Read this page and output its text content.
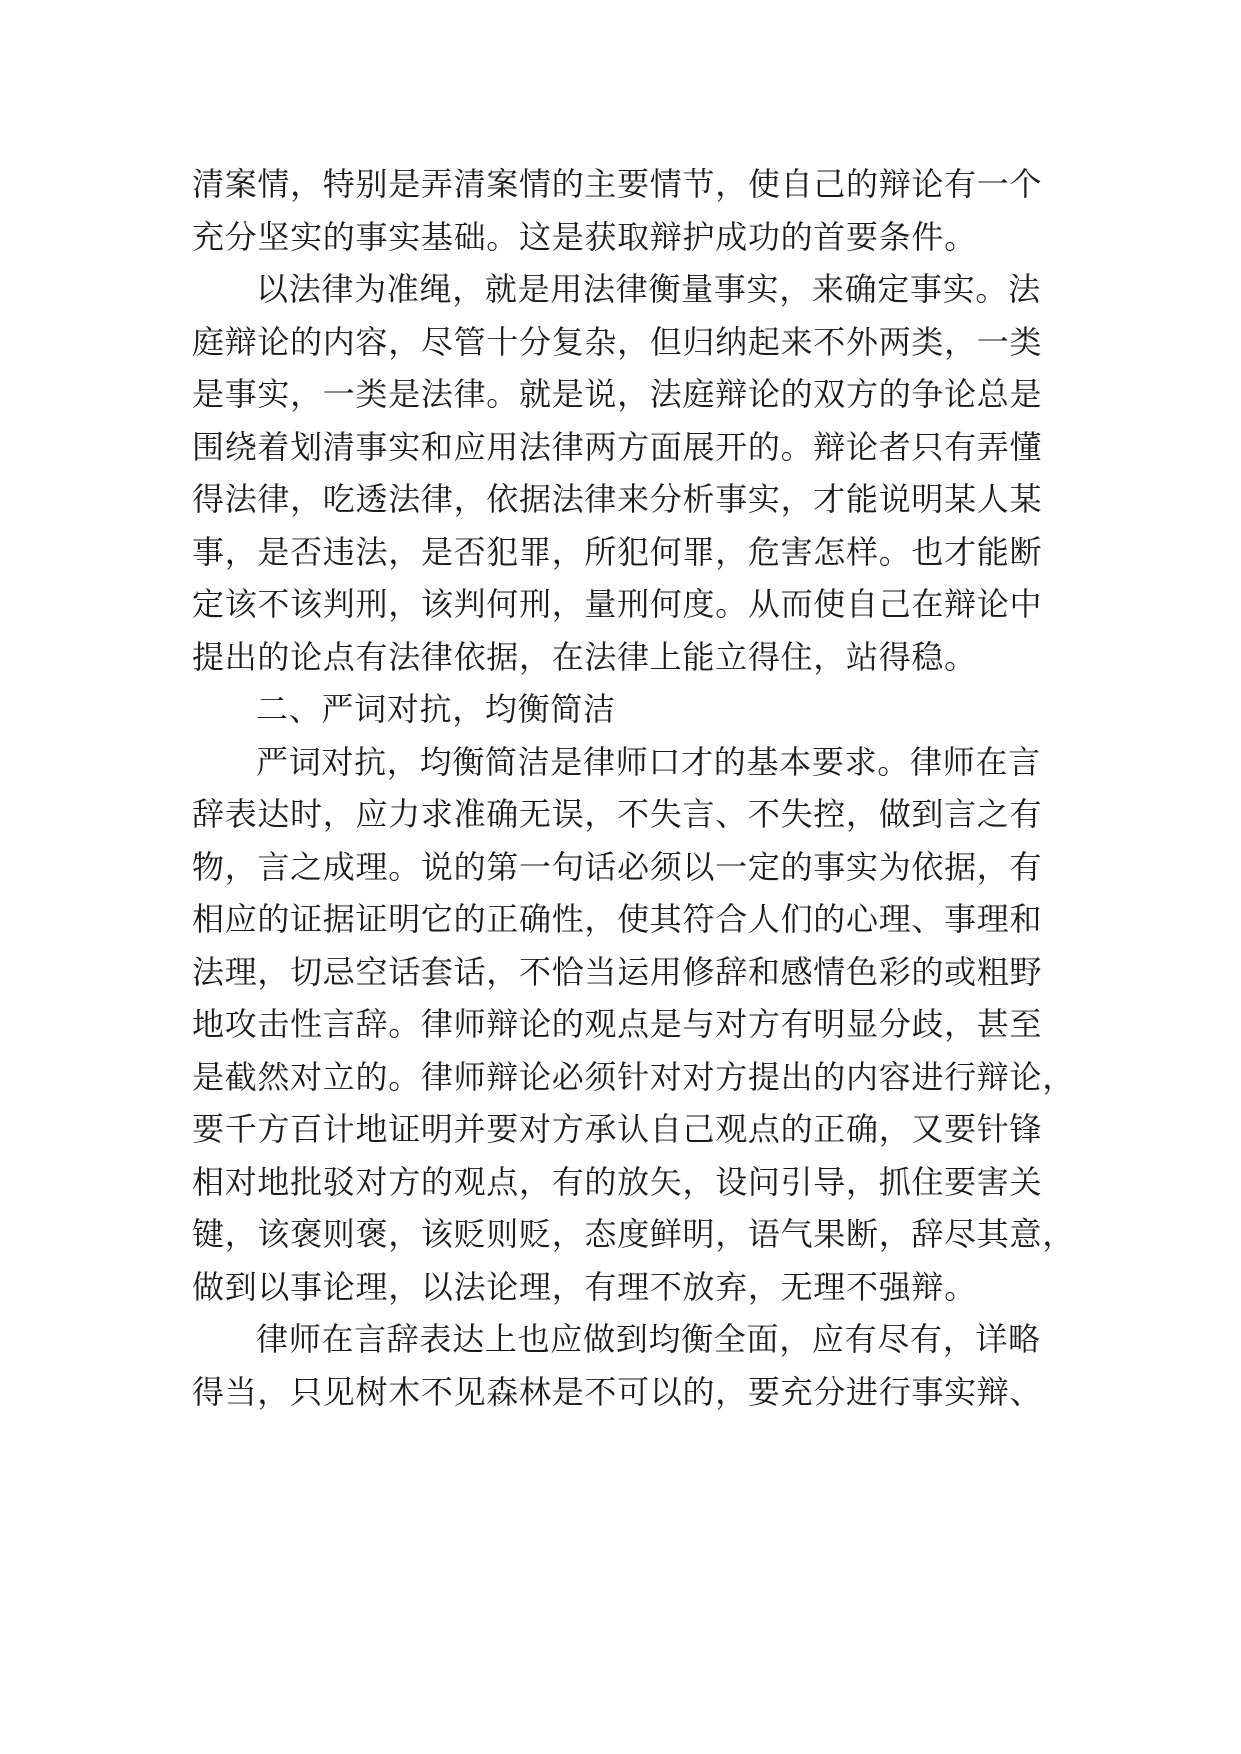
清案情，特别是弄清案情的主要情节，使自己的辩论有一个
充分坚实的事实基础。这是获取辩护成功的首要条件。
以法律为准绳，就是用法律衡量事实，来确定事实。法
庭辩论的内容，尽管十分复杂，但归纳起来不外两类，一类
是事实，一类是法律。就是说，法庭辩论的双方的争论总是
围绕着划清事实和应用法律两方面展开的。辩论者只有弄懂
得法律，吃透法律，依据法律来分析事实，才能说明某人某
事，是否违法，是否犯罪，所犯何罪，危害怎样。也才能断
定该不该判刑，该判何刑，量刑何度。从而使自己在辩论中
提出的论点有法律依据，在法律上能立得住，站得稳。
二、严词对抗，均衡简洁
严词对抗，均衡简洁是律师口才的基本要求。律师在言
辞表达时，应力求准确无误，不失言、不失控，做到言之有
物，言之成理。说的第一句话必须以一定的事实为依据，有
相应的证据证明它的正确性，使其符合人们的心理、事理和
法理，切忌空话套话，不恰当运用修辞和感情色彩的或粗野
地攻击性言辞。律师辩论的观点是与对方有明显分歧，甚至
是截然对立的。律师辩论必须针对对方提出的内容进行辩论，
要千方百计地证明并要对方承认自己观点的正确，又要针锋
相对地批驳对方的观点，有的放矢，设问引导，抓住要害关
键，该褒则褒，该贬则贬，态度鲜明，语气果断，辞尽其意，
做到以事论理，以法论理，有理不放弃，无理不强辩。
律师在言辞表达上也应做到均衡全面，应有尽有，详略
得当，只见树木不见森林是不可以的，要充分进行事实辩、
